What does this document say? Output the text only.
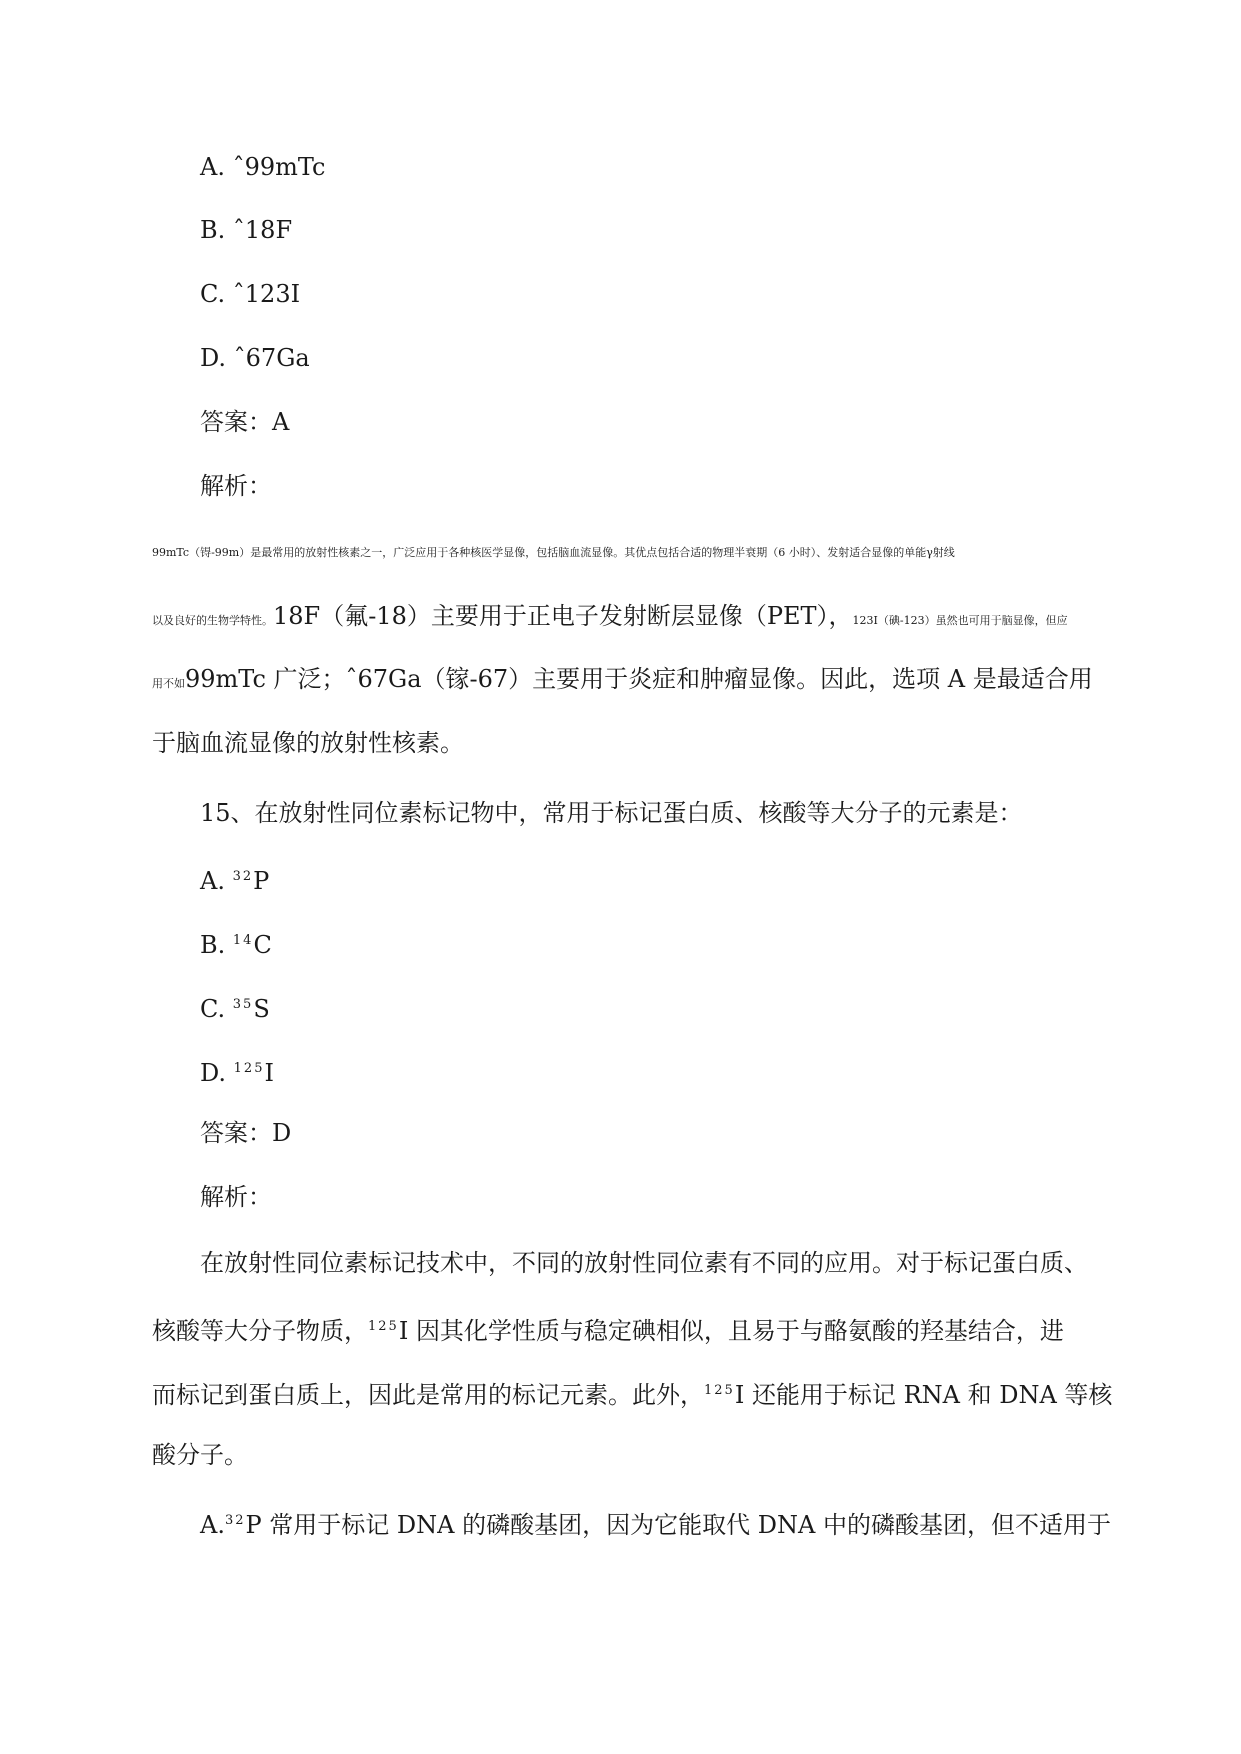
A. ˆ99mTc
B. ˆ18F
C. ˆ123I
D. ˆ67Ga
答案：A
解析：
99mTc（锝-99m）是最常用的放射性核素之一，广泛应用于各种核医学显像，包括脑血流显像。其优点包括合适的物理半衰期（6 小时）、发射适合显像的单能γ射线
以及良好的生物学特性。18F（氟-18）主要用于正电子发射断层显像（PET），123I（碘-123）虽然也可用于脑显像，但应
用不如99mTc 广泛；ˆ67Ga（镓-67）主要用于炎症和肿瘤显像。因此，选项 A 是最适合用
于脑血流显像的放射性核素。
15、在放射性同位素标记物中，常用于标记蛋白质、核酸等大分子的元素是：
A. $^{32}$P
B. $^{14}$C
C. $^{35}$S
D. $^{125}$I
答案：D
解析：
在放射性同位素标记技术中，不同的放射性同位素有不同的应用。对于标记蛋白质、
核酸等大分子物质，$^{125}$I 因其化学性质与稳定碘相似，且易于与酪氨酸的羟基结合，进
而标记到蛋白质上，因此是常用的标记元素。此外，$^{125}$I 还能用于标记 RNA 和 DNA 等核
酸分子。
A.$^{32}$P 常用于标记 DNA 的磷酸基团，因为它能取代 DNA 中的磷酸基团，但不适用于
